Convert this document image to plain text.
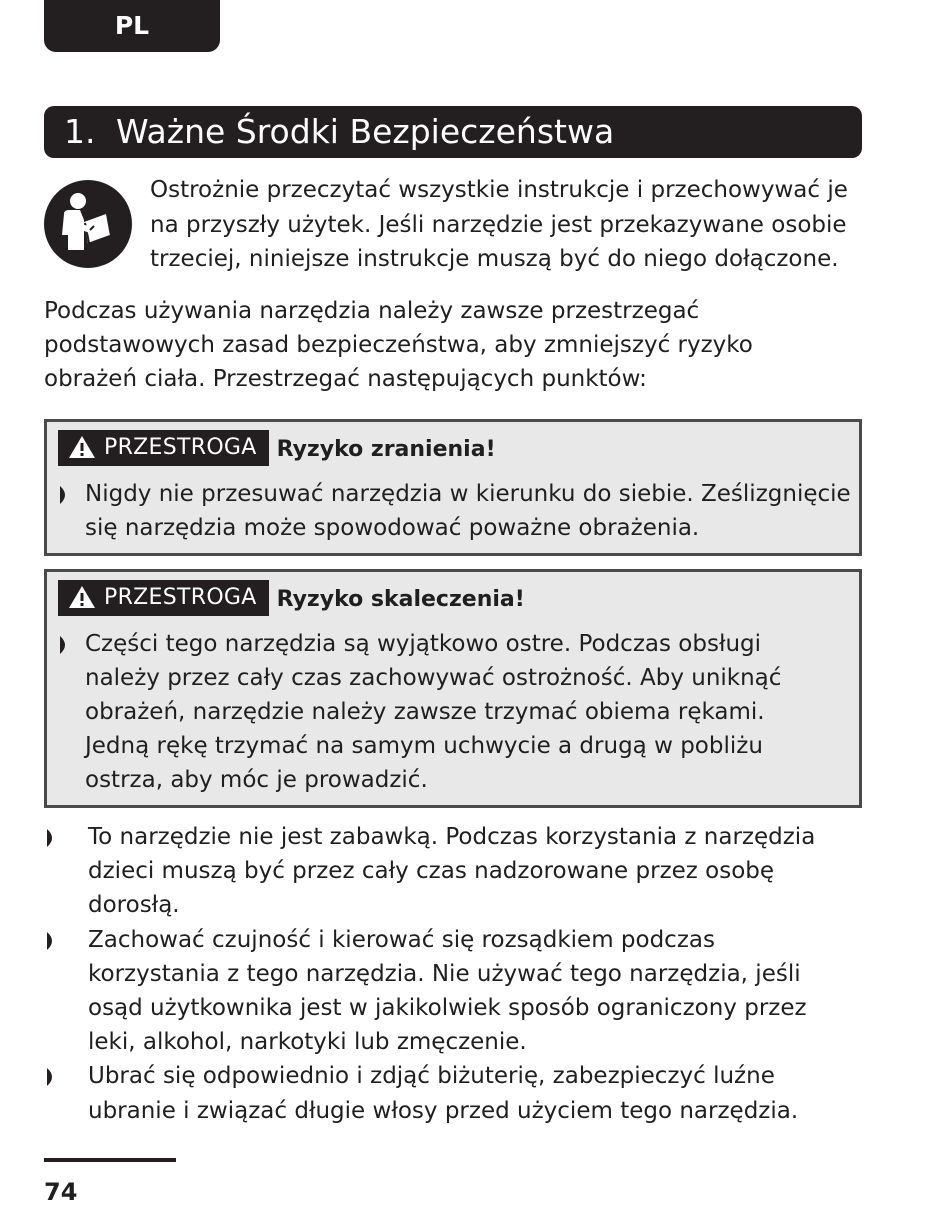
PL
1. Ważne Środki Bezpieczeństwa
Ostrożnie przeczytać wszystkie instrukcje i przechowywać je
na przyszły użytek. Jeśli narzędzie jest przekazywane osobie
trzeciej, niniejsze instrukcje muszą być do niego dołączone.
Podczas używania narzędzia należy zawsze przestrzegać
podstawowych zasad bezpieczeństwa, aby zmniejszyć ryzyko
obrażeń ciała. Przestrzegać następujących punktów:
PRZESTROGA Ryzyko zranienia!
Nigdy nie przesuwać narzędzia w kierunku do siebie. Ześlizgnięcie
się narzędzia może spowodować poważne obrażenia.
PRZESTROGA Ryzyko skaleczenia!
Części tego narzędzia są wyjątkowo ostre. Podczas obsługi
należy przez cały czas zachowywać ostrożność. Aby uniknąć
obrażeń, narzędzie należy zawsze trzymać obiema rękami.
Jedną rękę trzymać na samym uchwycie a drugą w pobliżu
ostrza, aby móc je prowadzić.
To narzędzie nie jest zabawką. Podczas korzystania z narzędzia
dzieci muszą być przez cały czas nadzorowane przez osobę
dorosłą.
Zachować czujność i kierować się rozsądkiem podczas
korzystania z tego narzędzia. Nie używać tego narzędzia, jeśli
osąd użytkownika jest w jakikolwiek sposób ograniczony przez
leki, alkohol, narkotyki lub zmęczenie.
Ubrać się odpowiednio i zdjąć biżuterię, zabezpieczyć luźne
ubranie i związać długie włosy przed użyciem tego narzędzia.
74
